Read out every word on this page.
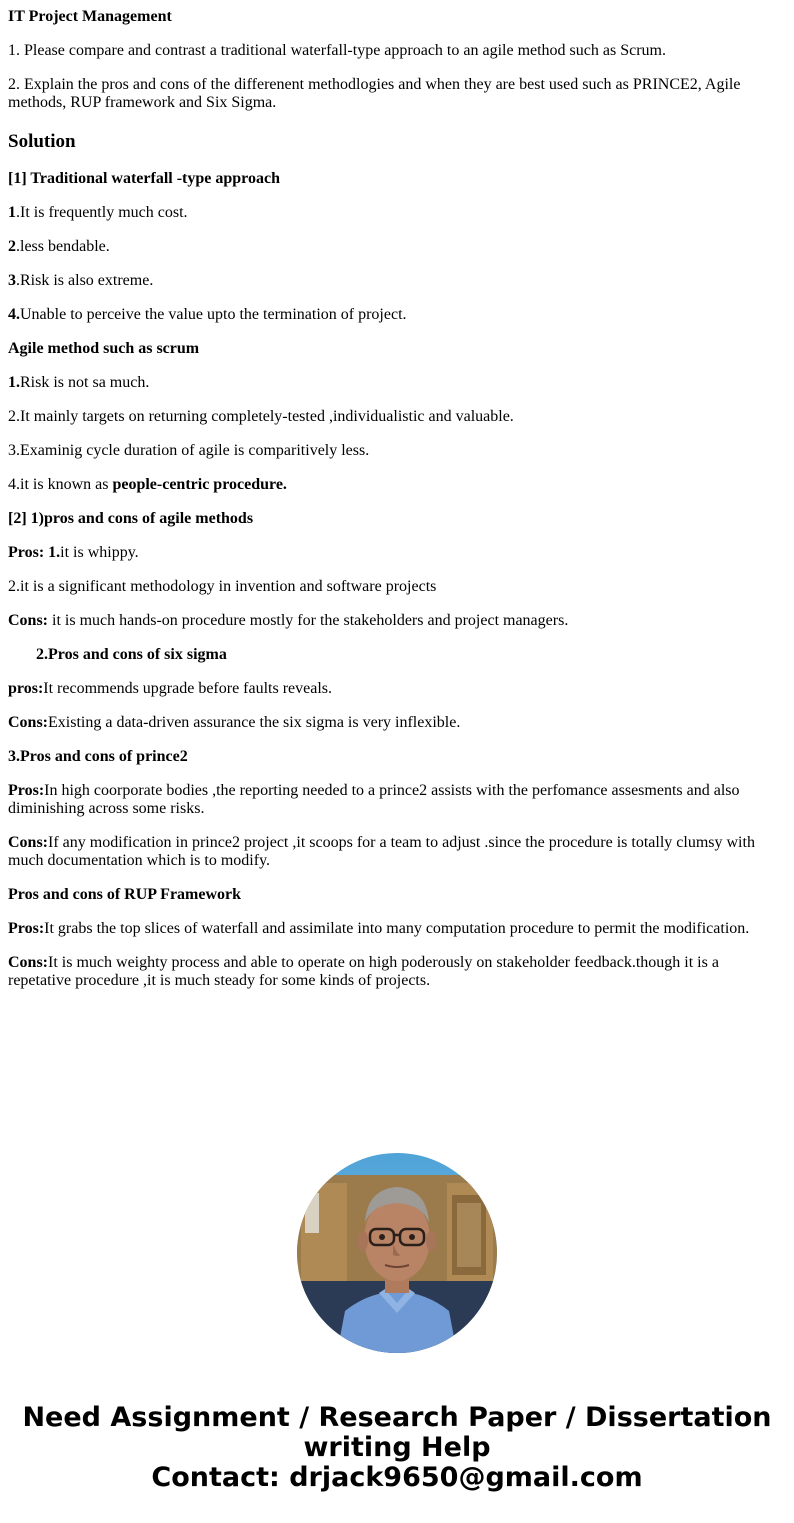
IT Project Management

1. Please compare and contrast a traditional waterfall-type approach to an agile method such as Scrum.

2. Explain the pros and cons of the differenent methodlogies and when they are best used such as PRINCE2, Agile methods, RUP framework and Six Sigma.

Solution

[1] Traditional waterfall -type approach

1.It is frequently much cost.

2.less bendable.

3.Risk is also extreme.

4.Unable to perceive the value upto the termination of project.

Agile method such as scrum

1.Risk is not sa much.

2.It mainly targets on returning completely-tested ,individualistic and valuable.

3.Examinig cycle duration of agile is comparitively less.

4.it is known as people-centric procedure.

[2] 1)pros and cons of agile methods

Pros: 1.it is whippy.

2.it is a significant methodology in invention and software projects

Cons: it is much hands-on procedure mostly for the stakeholders and project managers.

2.Pros and cons of six sigma

pros:It recommends upgrade before faults reveals.

Cons:Existing a data-driven assurance the six sigma is very inflexible.

3.Pros and cons of prince2

Pros:In high coorporate bodies ,the reporting needed to a prince2 assists with the perfomance assesments and also diminishing across some risks.

Cons:If any modification in prince2 project ,it scoops for a team to adjust .since the procedure is totally clumsy with much documentation which is to modify.

Pros and cons of RUP Framework

Pros:It grabs the top slices of waterfall and assimilate into many computation procedure to permit the modification.

Cons:It is much weighty process and able to operate on high poderously on stakeholder feedback.though it is a repetative procedure ,it is much steady for some kinds of projects.

Need Assignment / Research Paper / Dissertation
writing Help
Contact: drjack9650@gmail.com
